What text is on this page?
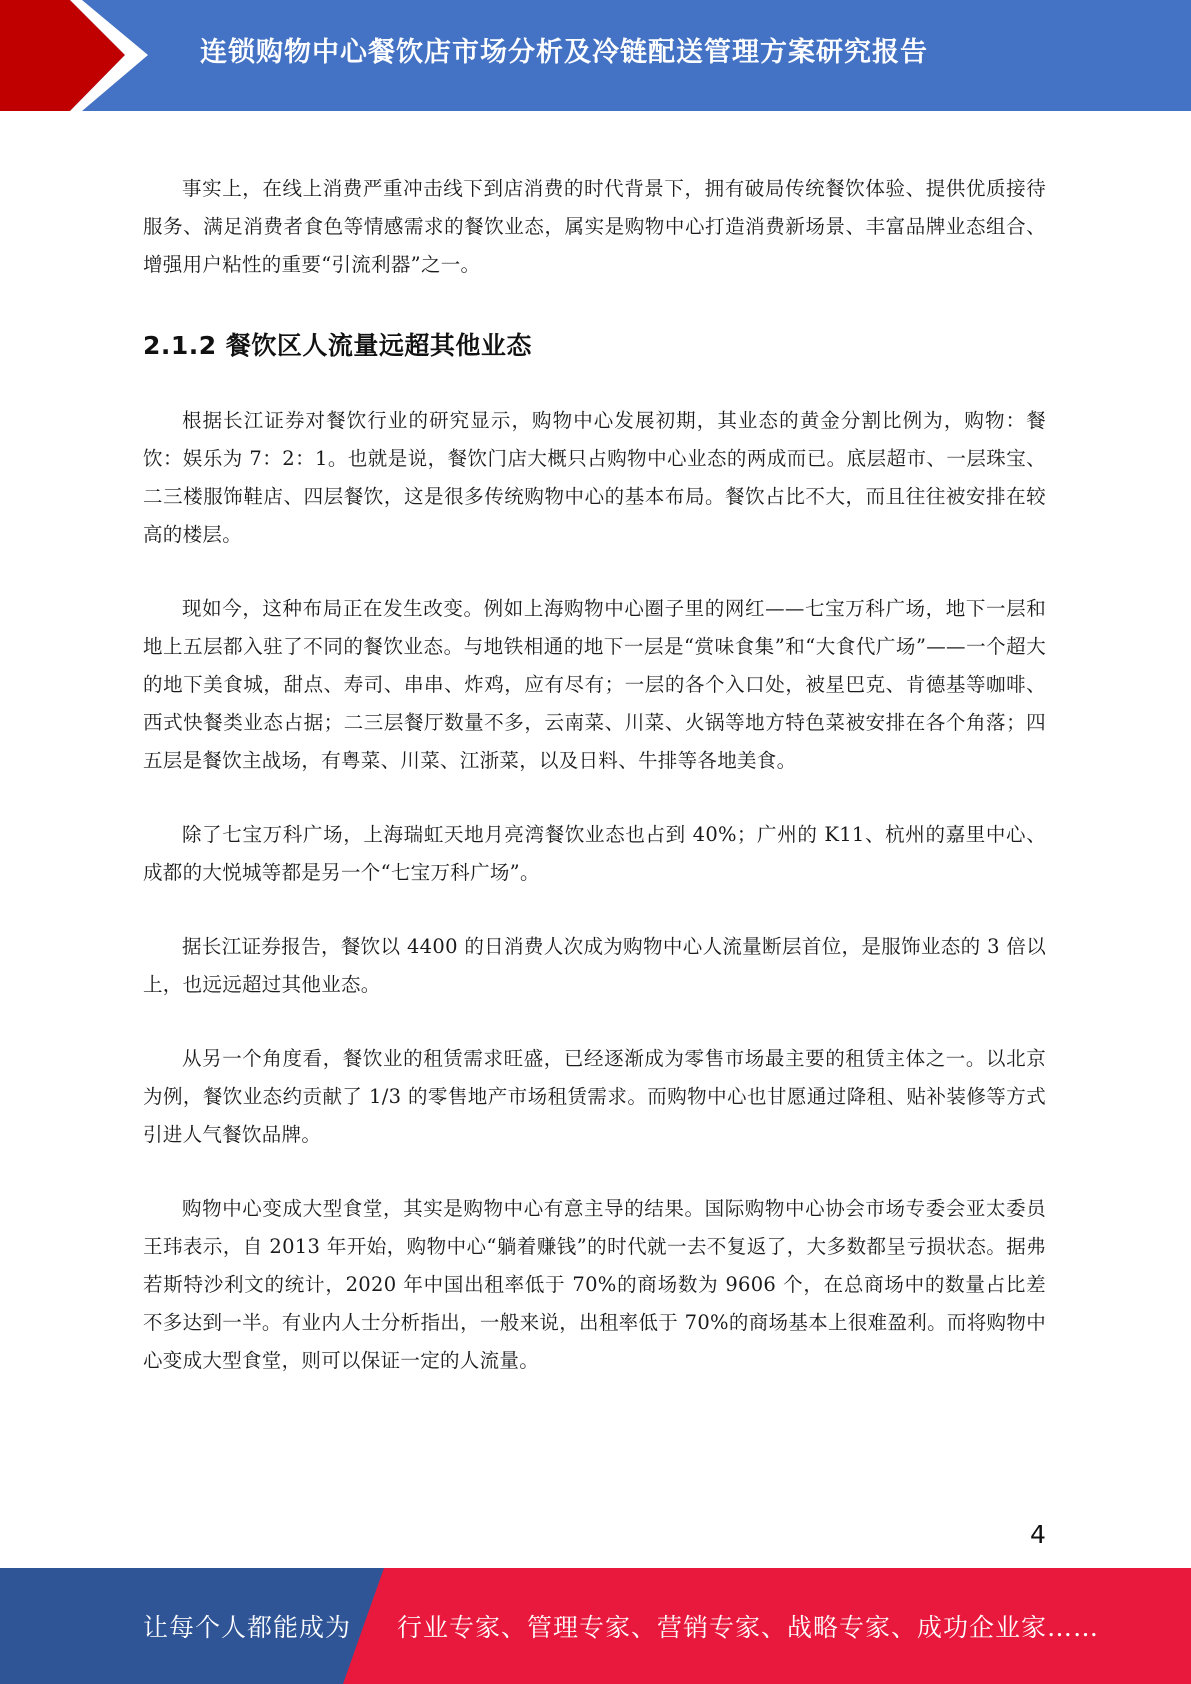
连锁购物中心餐饮店市场分析及冷链配送管理方案研究报告

事实上，在线上消费严重冲击线下到店消费的时代背景下，拥有破局传统餐饮体验、提供优质接待服务、满足消费者食色等情感需求的餐饮业态，属实是购物中心打造消费新场景、丰富品牌业态组合、增强用户粘性的重要“引流利器”之一。

2.1.2 餐饮区人流量远超其他业态

根据长江证券对餐饮行业的研究显示，购物中心发展初期，其业态的黄金分割比例为，购物：餐饮：娱乐为 7：2：1。也就是说，餐饮门店大概只占购物中心业态的两成而已。底层超市、一层珠宝、二三楼服饰鞋店、四层餐饮，这是很多传统购物中心的基本布局。餐饮占比不大，而且往往被安排在较高的楼层。

现如今，这种布局正在发生改变。例如上海购物中心圈子里的网红——七宝万科广场，地下一层和地上五层都入驻了不同的餐饮业态。与地铁相通的地下一层是“赏味食集”和“大食代广场”——一个超大的地下美食城，甜点、寿司、串串、炸鸡，应有尽有；一层的各个入口处，被星巴克、肯德基等咖啡、西式快餐类业态占据；二三层餐厅数量不多，云南菜、川菜、火锅等地方特色菜被安排在各个角落；四五层是餐饮主战场，有粤菜、川菜、江浙菜，以及日料、牛排等各地美食。

除了七宝万科广场，上海瑞虹天地月亮湾餐饮业态也占到 40%；广州的 K11、杭州的嘉里中心、成都的大悦城等都是另一个“七宝万科广场”。

据长江证券报告，餐饮以 4400 的日消费人次成为购物中心人流量断层首位，是服饰业态的 3 倍以上，也远远超过其他业态。

从另一个角度看，餐饮业的租赁需求旺盛，已经逐渐成为零售市场最主要的租赁主体之一。以北京为例，餐饮业态约贡献了 1/3 的零售地产市场租赁需求。而购物中心也甘愿通过降租、贴补装修等方式引进人气餐饮品牌。

购物中心变成大型食堂，其实是购物中心有意主导的结果。国际购物中心协会市场专委会亚太委员王玮表示，自 2013 年开始，购物中心“躺着赚钱”的时代就一去不复返了，大多数都呈亏损状态。据弗若斯特沙利文的统计，2020 年中国出租率低于 70%的商场数为 9606 个，在总商场中的数量占比差不多达到一半。有业内人士分析指出，一般来说，出租率低于 70%的商场基本上很难盈利。而将购物中心变成大型食堂，则可以保证一定的人流量。

4
让每个人都能成为 行业专家、管理专家、营销专家、战略专家、成功企业家……
